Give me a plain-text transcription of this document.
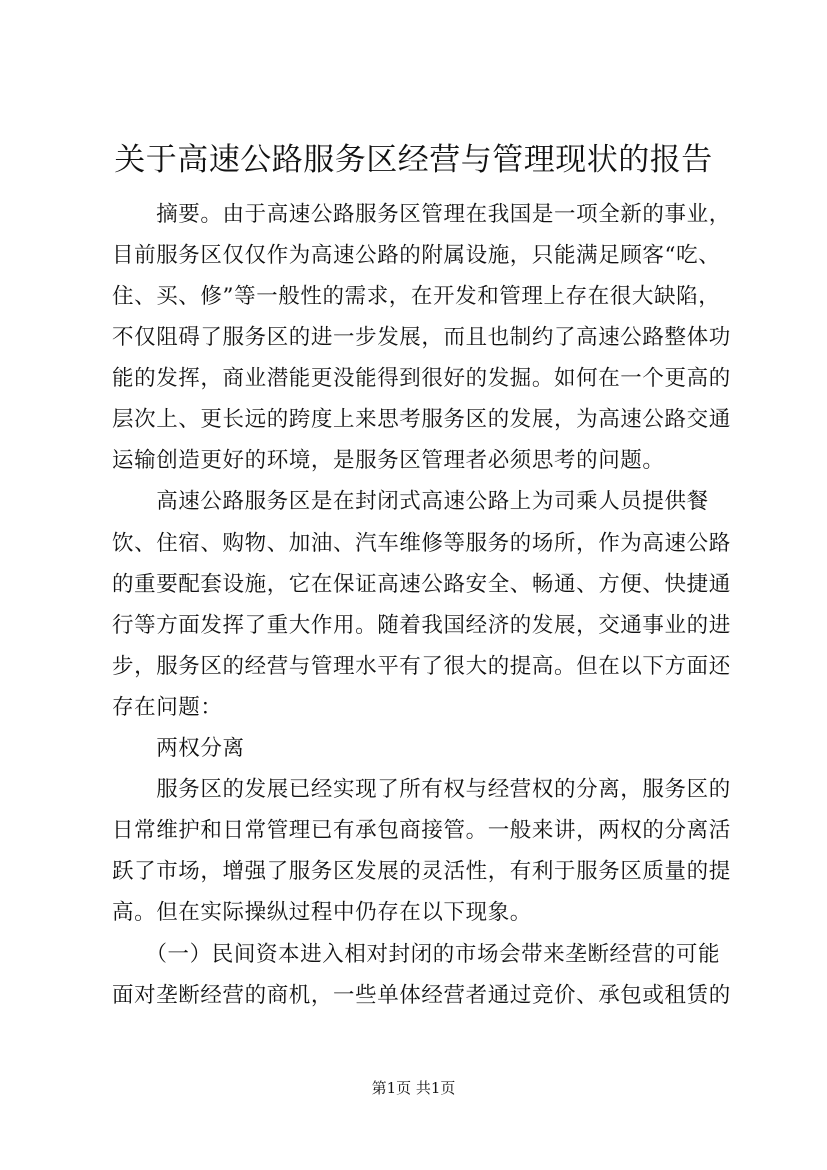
关于高速公路服务区经营与管理现状的报告
　　摘要。由于高速公路服务区管理在我国是一项全新的事业，
目前服务区仅仅作为高速公路的附属设施，只能满足顾客“吃、
住、买、修”等一般性的需求，在开发和管理上存在很大缺陷，
不仅阻碍了服务区的进一步发展，而且也制约了高速公路整体功
能的发挥，商业潜能更没能得到很好的发掘。如何在一个更高的
层次上、更长远的跨度上来思考服务区的发展，为高速公路交通
运输创造更好的环境，是服务区管理者必须思考的问题。
　　高速公路服务区是在封闭式高速公路上为司乘人员提供餐
饮、住宿、购物、加油、汽车维修等服务的场所，作为高速公路
的重要配套设施，它在保证高速公路安全、畅通、方便、快捷通
行等方面发挥了重大作用。随着我国经济的发展，交通事业的进
步，服务区的经营与管理水平有了很大的提高。但在以下方面还
存在问题：
　　两权分离
　　服务区的发展已经实现了所有权与经营权的分离，服务区的
日常维护和日常管理已有承包商接管。一般来讲，两权的分离活
跃了市场，增强了服务区发展的灵活性，有利于服务区质量的提
高。但在实际操纵过程中仍存在以下现象。
　　（一）民间资本进入相对封闭的市场会带来垄断经营的可能
面对垄断经营的商机，一些单体经营者通过竞价、承包或租赁的
第1页 共1页
